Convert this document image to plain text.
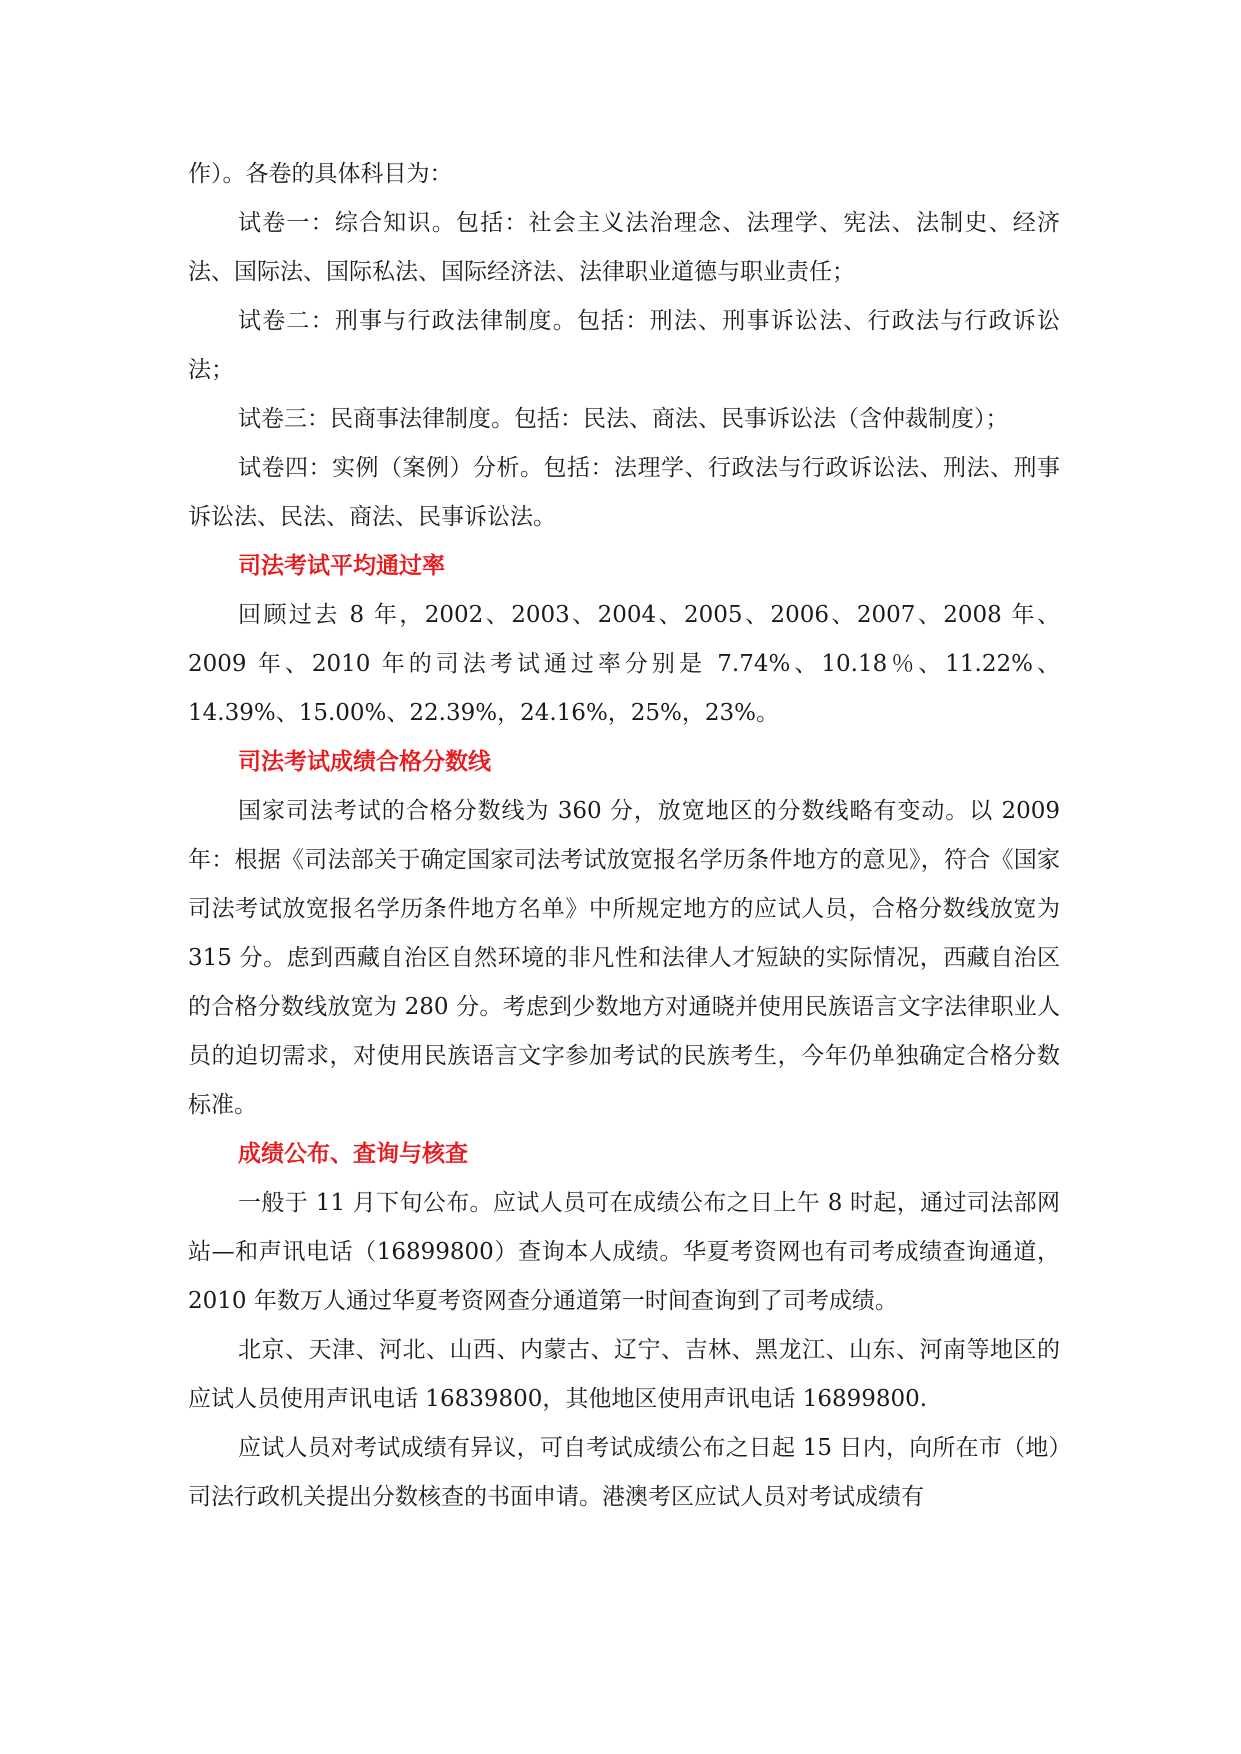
作）。各卷的具体科目为：

试卷一：综合知识。包括：社会主义法治理念、法理学、宪法、法制史、经济法、国际法、国际私法、国际经济法、法律职业道德与职业责任；

试卷二：刑事与行政法律制度。包括：刑法、刑事诉讼法、行政法与行政诉讼法；

试卷三：民商事法律制度。包括：民法、商法、民事诉讼法（含仲裁制度）；

试卷四：实例（案例）分析。包括：法理学、行政法与行政诉讼法、刑法、刑事诉讼法、民法、商法、民事诉讼法。

司法考试平均通过率

回顾过去 8 年，2002、2003、2004、2005、2006、2007、2008 年、2009 年、2010 年的司法考试通过率分别是 7.74%、10.18％、11.22%、14.39%、15.00%、22.39%，24.16%，25%，23%。

司法考试成绩合格分数线

国家司法考试的合格分数线为 360 分，放宽地区的分数线略有变动。以 2009 年：根据《司法部关于确定国家司法考试放宽报名学历条件地方的意见》，符合《国家司法考试放宽报名学历条件地方名单》中所规定地方的应试人员，合格分数线放宽为 315 分。虑到西藏自治区自然环境的非凡性和法律人才短缺的实际情况，西藏自治区的合格分数线放宽为 280 分。考虑到少数地方对通晓并使用民族语言文字法律职业人员的迫切需求，对使用民族语言文字参加考试的民族考生，今年仍单独确定合格分数标准。

成绩公布、查询与核查

一般于 11 月下旬公布。应试人员可在成绩公布之日上午 8 时起，通过司法部网站—和声讯电话（16899800）查询本人成绩。华夏考资网也有司考成绩查询通道，2010 年数万人通过华夏考资网查分通道第一时间查询到了司考成绩。

北京、天津、河北、山西、内蒙古、辽宁、吉林、黑龙江、山东、河南等地区的应试人员使用声讯电话 16839800，其他地区使用声讯电话 16899800.

应试人员对考试成绩有异议，可自考试成绩公布之日起 15 日内，向所在市（地）司法行政机关提出分数核查的书面申请。港澳考区应试人员对考试成绩有
